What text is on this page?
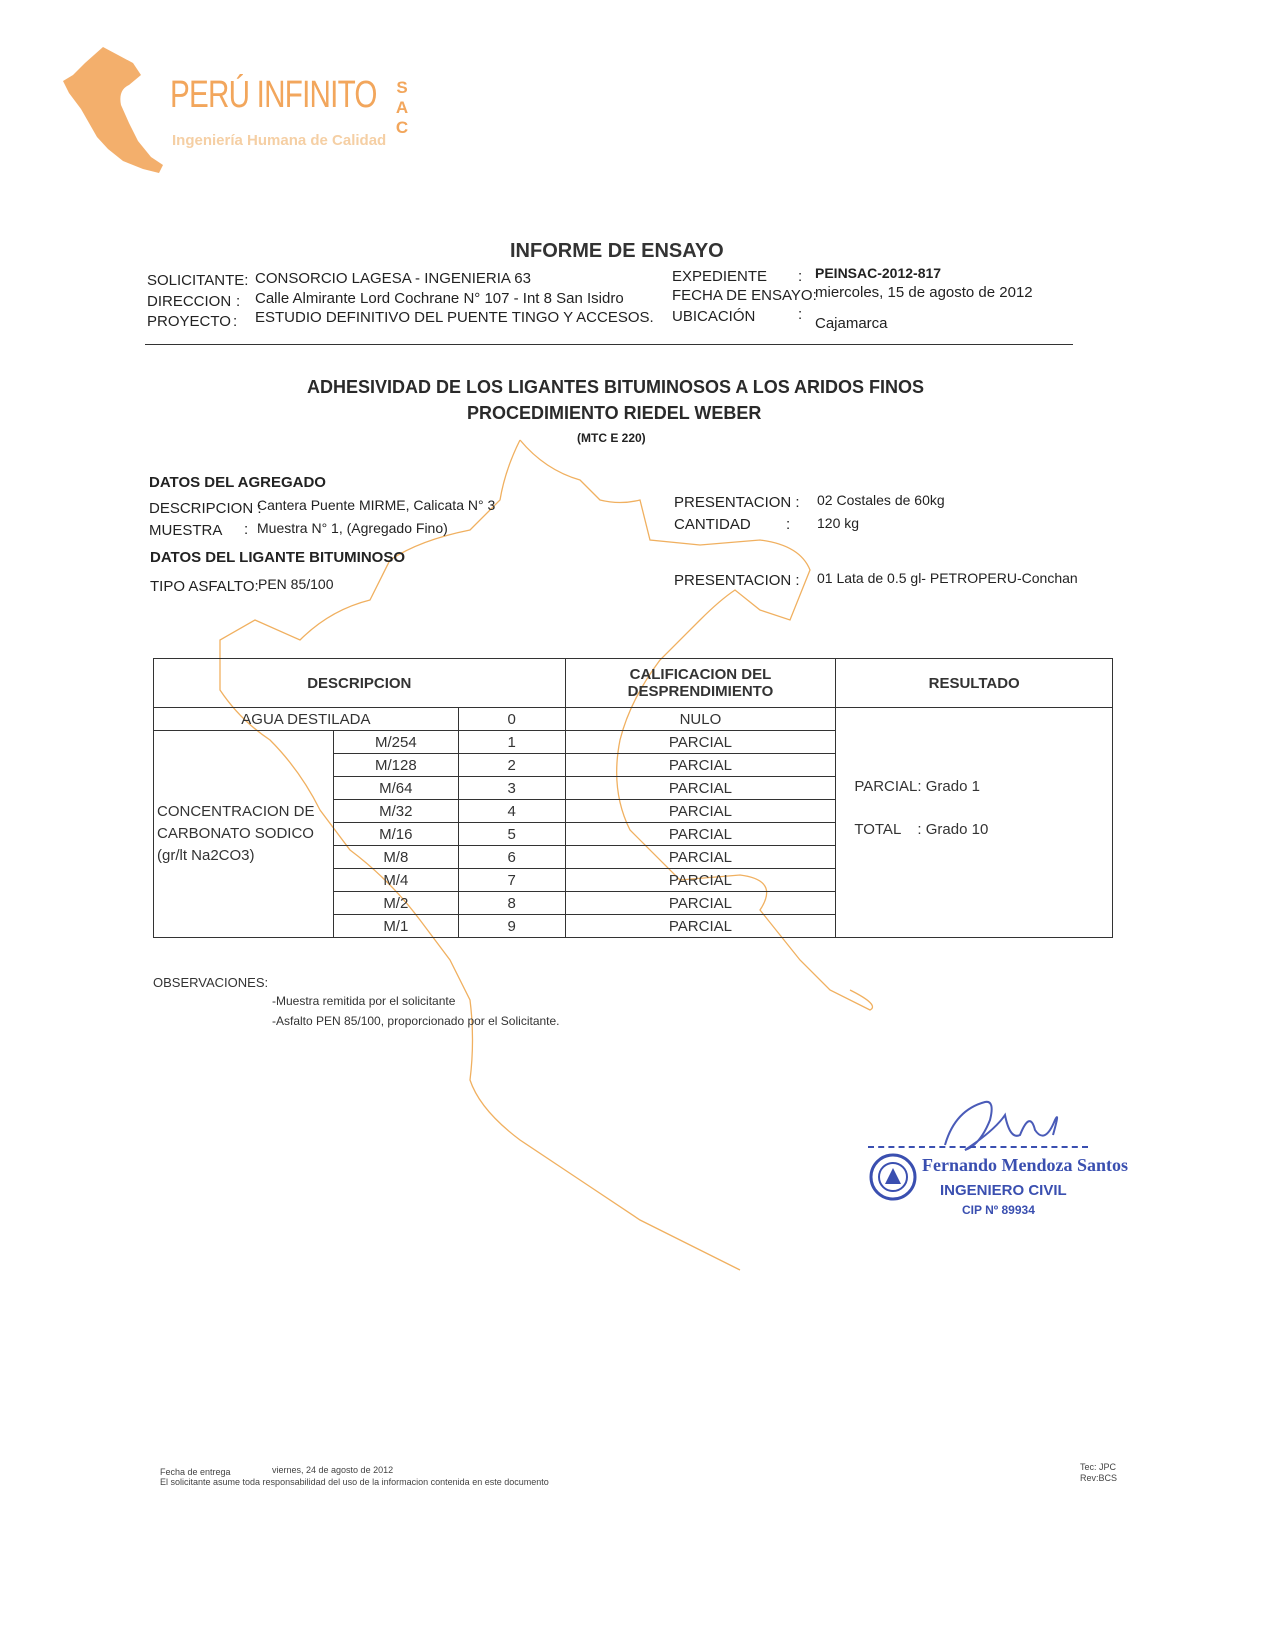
PERÚ INFINITO S
A
C
Ingeniería Humana de Calidad
INFORME DE ENSAYO
SOLICITANTE: CONSORCIO LAGESA - INGENIERIA 63
DIRECCION : Calle Almirante Lord Cochrane N° 107 - Int 8 San Isidro
PROYECTO : ESTUDIO DEFINITIVO DEL PUENTE TINGO Y ACCESOS.
EXPEDIENTE : PEINSAC-2012-817
FECHA DE ENSAYO:
miercoles, 15 de agosto de 2012
UBICACIÓN	:
Cajamarca
ADHESIVIDAD DE LOS LIGANTES BITUMINOSOS A LOS ARIDOS FINOS
PROCEDIMIENTO RIEDEL WEBER
(MTC E 220)
DATOS DEL AGREGADO
DESCRIPCION :
Cantera Puente MIRME, Calicata N° 3
MUESTRA : Muestra N° 1, (Agregado Fino)
PRESENTACION : 02 Costales de 60kg
CANTIDAD : 120 kg
DATOS DEL LIGANTE BITUMINOSO
TIPO ASFALTO: PEN 85/100	PRESENTACION : 01 Lata de 0.5 gl- PETROPERU-Conchan
DESCRIPCION			CALIFICACION DEL
DESPRENDIMIENTO	RESULTADO
AGUA DESTILADA		0	NULO	PARCIAL: Grado 1
TOTAL : Grado 10

CONCENTRACION DE
CARBONATO SODICO
(gr/lt Na2CO3)	M/254	1	PARCIAL	
	M/128	2	PARCIAL	
	M/64	3	PARCIAL	
	M/32	4	PARCIAL	
	M/16	5	PARCIAL	
	M/8	6	PARCIAL	
	M/4	7	PARCIAL	
	M/2	8	PARCIAL	
	M/1	9	PARCIAL	
OBSERVACIONES:
-Muestra remitida por el solicitante
-Asfalto PEN 85/100, proporcionado por el Solicitante.
Fernando Mendoza Santos
INGENIERO CIVIL
CIP Nº 89934
Fecha de entrega	viernes, 24 de agosto de 2012
El solicitante asume toda responsabilidad del uso de la informacion contenida en este documento
Tec: JPC
Rev:BCS
